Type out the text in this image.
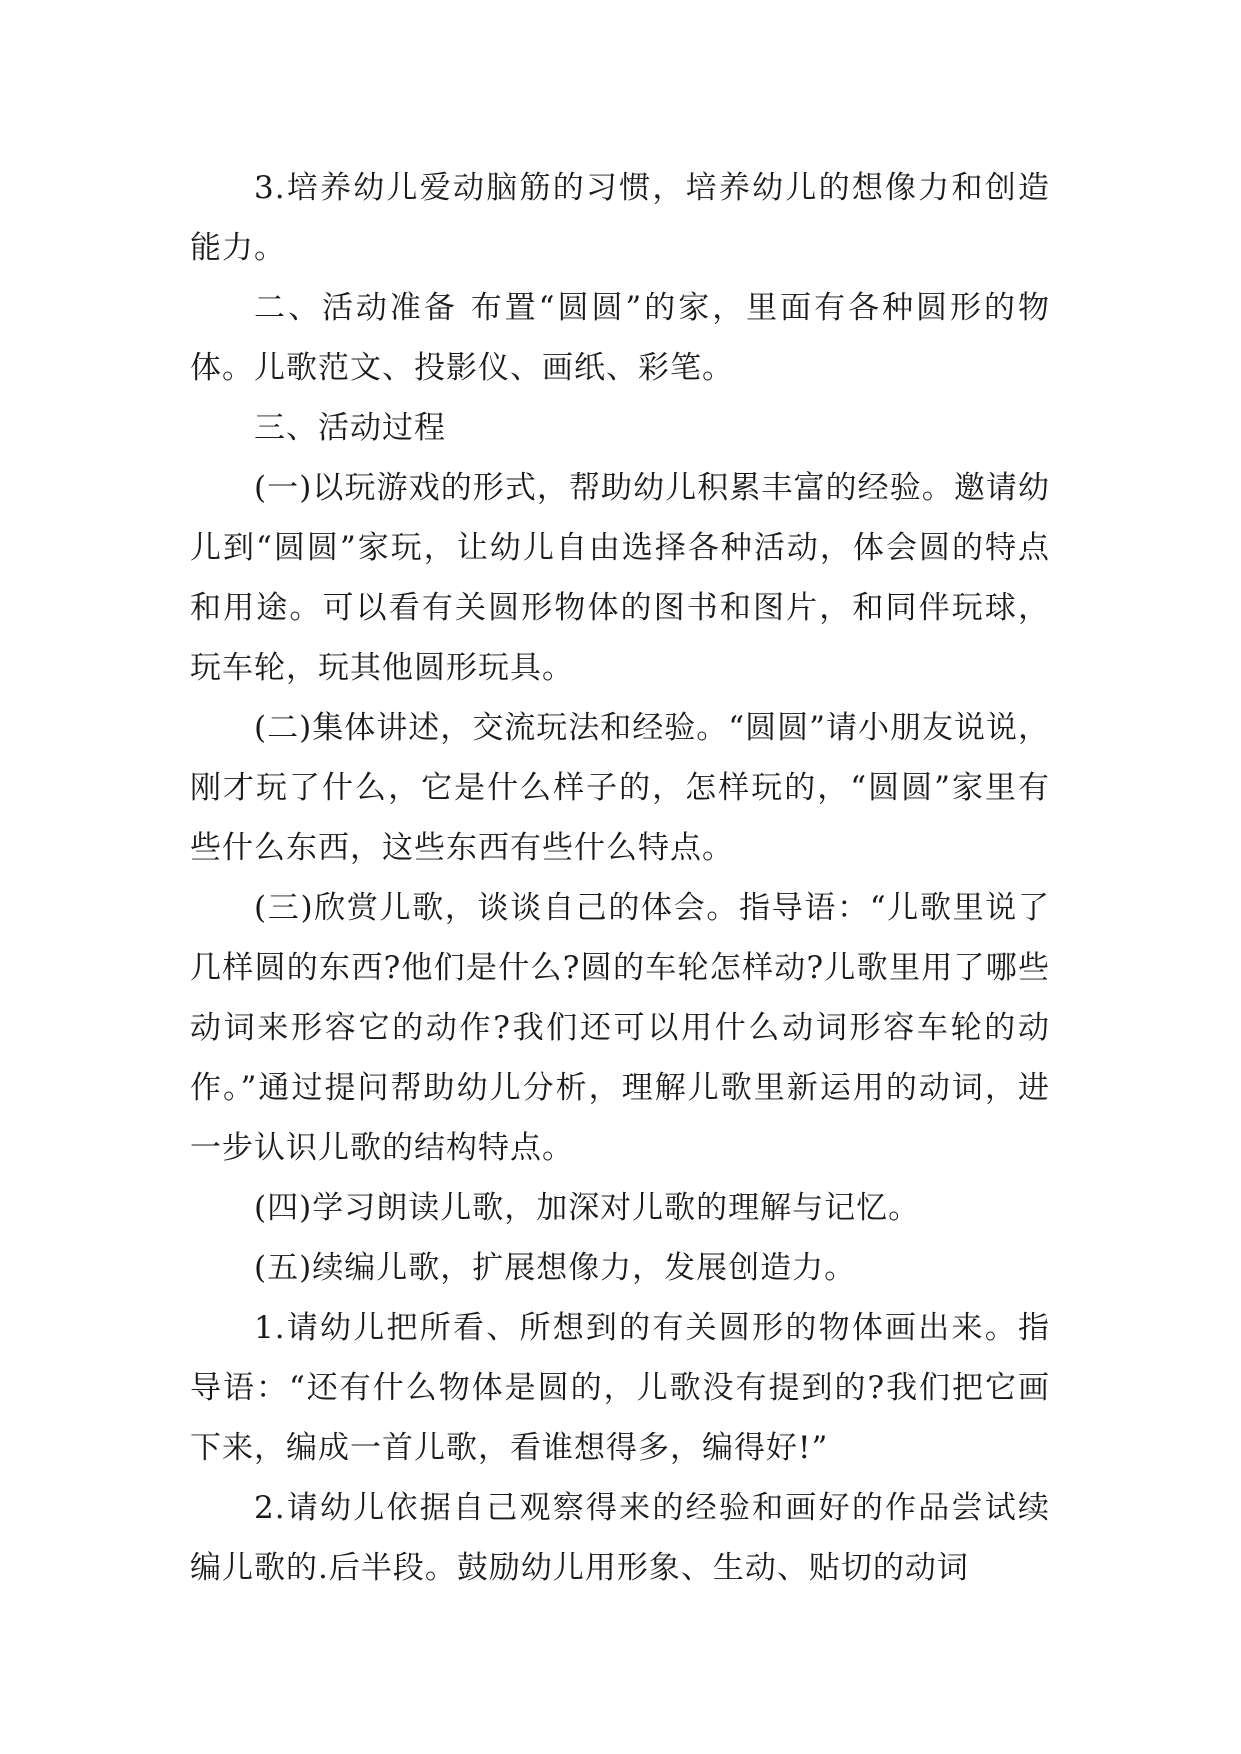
3.培养幼儿爱动脑筋的习惯，培养幼儿的想像力和创造能力。

二、活动准备 布置“圆圆”的家，里面有各种圆形的物体。儿歌范文、投影仪、画纸、彩笔。

三、活动过程

(一)以玩游戏的形式，帮助幼儿积累丰富的经验。邀请幼儿到“圆圆”家玩，让幼儿自由选择各种活动，体会圆的特点和用途。可以看有关圆形物体的图书和图片，和同伴玩球，玩车轮，玩其他圆形玩具。

(二)集体讲述，交流玩法和经验。“圆圆”请小朋友说说，刚才玩了什么，它是什么样子的，怎样玩的，“圆圆”家里有些什么东西，这些东西有些什么特点。

(三)欣赏儿歌，谈谈自己的体会。指导语：“儿歌里说了几样圆的东西?他们是什么?圆的车轮怎样动?儿歌里用了哪些动词来形容它的动作?我们还可以用什么动词形容车轮的动作。”通过提问帮助幼儿分析，理解儿歌里新运用的动词，进一步认识儿歌的结构特点。

(四)学习朗读儿歌，加深对儿歌的理解与记忆。

(五)续编儿歌，扩展想像力，发展创造力。

1.请幼儿把所看、所想到的有关圆形的物体画出来。指导语：“还有什么物体是圆的，儿歌没有提到的?我们把它画下来，编成一首儿歌，看谁想得多，编得好!”

2.请幼儿依据自己观察得来的经验和画好的作品尝试续编儿歌的.后半段。鼓励幼儿用形象、生动、贴切的动词
